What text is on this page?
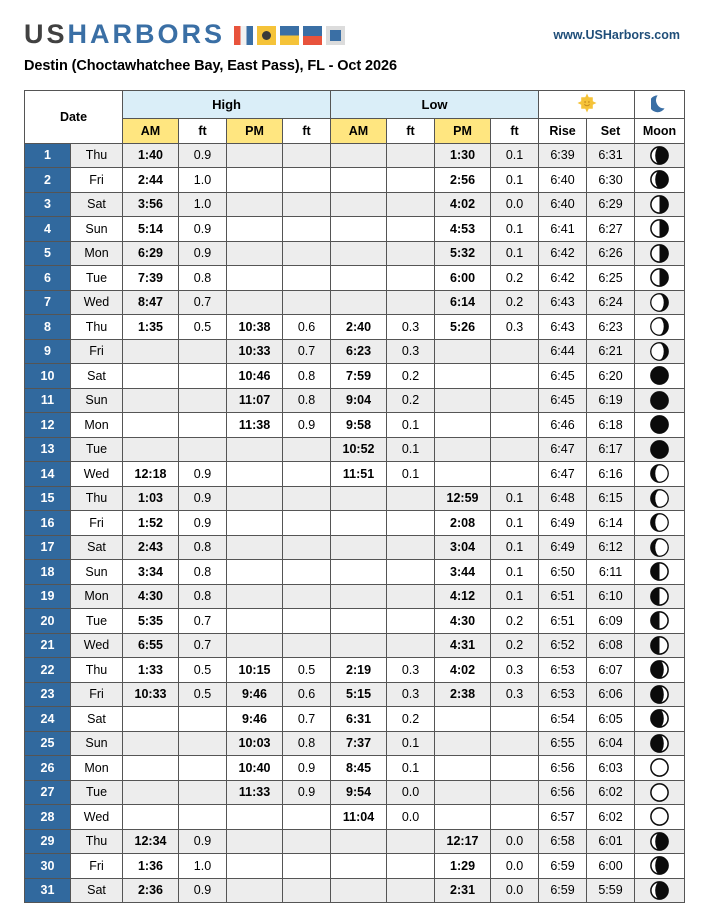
USHARBORS	www.USHarbors.com
Destin (Choctawhatchee Bay, East Pass), FL - Oct 2026
Date		High				Low		
		AM	ft	PM	ft	AM	ft	PM	ft	Rise	Set	Moon
1	Thu	1:40	0.9					1:30	0.1	6:39	6:31	
2	Fri	2:44	1.0					2:56	0.1	6:40	6:30	
3	Sat	3:56	1.0					4:02	0.0	6:40	6:29	
4	Sun	5:14	0.9					4:53	0.1	6:41	6:27	
5	Mon	6:29	0.9					5:32	0.1	6:42	6:26	
6	Tue	7:39	0.8					6:00	0.2	6:42	6:25	
7	Wed	8:47	0.7					6:14	0.2	6:43	6:24	
8	Thu	1:35	0.5	10:38	0.6	2:40	0.3	5:26	0.3	6:43	6:23	
9	Fri			10:33	0.7	6:23	0.3			6:44	6:21	
10	Sat			10:46	0.8	7:59	0.2			6:45	6:20	
11	Sun			11:07	0.8	9:04	0.2			6:45	6:19	
12	Mon			11:38	0.9	9:58	0.1			6:46	6:18	
13	Tue					10:52	0.1			6:47	6:17	
14	Wed	12:18	0.9			11:51	0.1			6:47	6:16	
15	Thu	1:03	0.9					12:59	0.1	6:48	6:15	
16	Fri	1:52	0.9					2:08	0.1	6:49	6:14	
17	Sat	2:43	0.8					3:04	0.1	6:49	6:12	
18	Sun	3:34	0.8					3:44	0.1	6:50	6:11	
19	Mon	4:30	0.8					4:12	0.1	6:51	6:10	
20	Tue	5:35	0.7					4:30	0.2	6:51	6:09	
21	Wed	6:55	0.7					4:31	0.2	6:52	6:08	
22	Thu	1:33	0.5	10:15	0.5	2:19	0.3	4:02	0.3	6:53	6:07	
23	Fri	10:33	0.5	9:46	0.6	5:15	0.3	2:38	0.3	6:53	6:06	
24	Sat			9:46	0.7	6:31	0.2			6:54	6:05	
25	Sun			10:03	0.8	7:37	0.1			6:55	6:04	
26	Mon			10:40	0.9	8:45	0.1			6:56	6:03	
27	Tue			11:33	0.9	9:54	0.0			6:56	6:02	
28	Wed					11:04	0.0			6:57	6:02	
29	Thu	12:34	0.9					12:17	0.0	6:58	6:01	
30	Fri	1:36	1.0					1:29	0.0	6:59	6:00	
31	Sat	2:36	0.9					2:31	0.0	6:59	5:59	
